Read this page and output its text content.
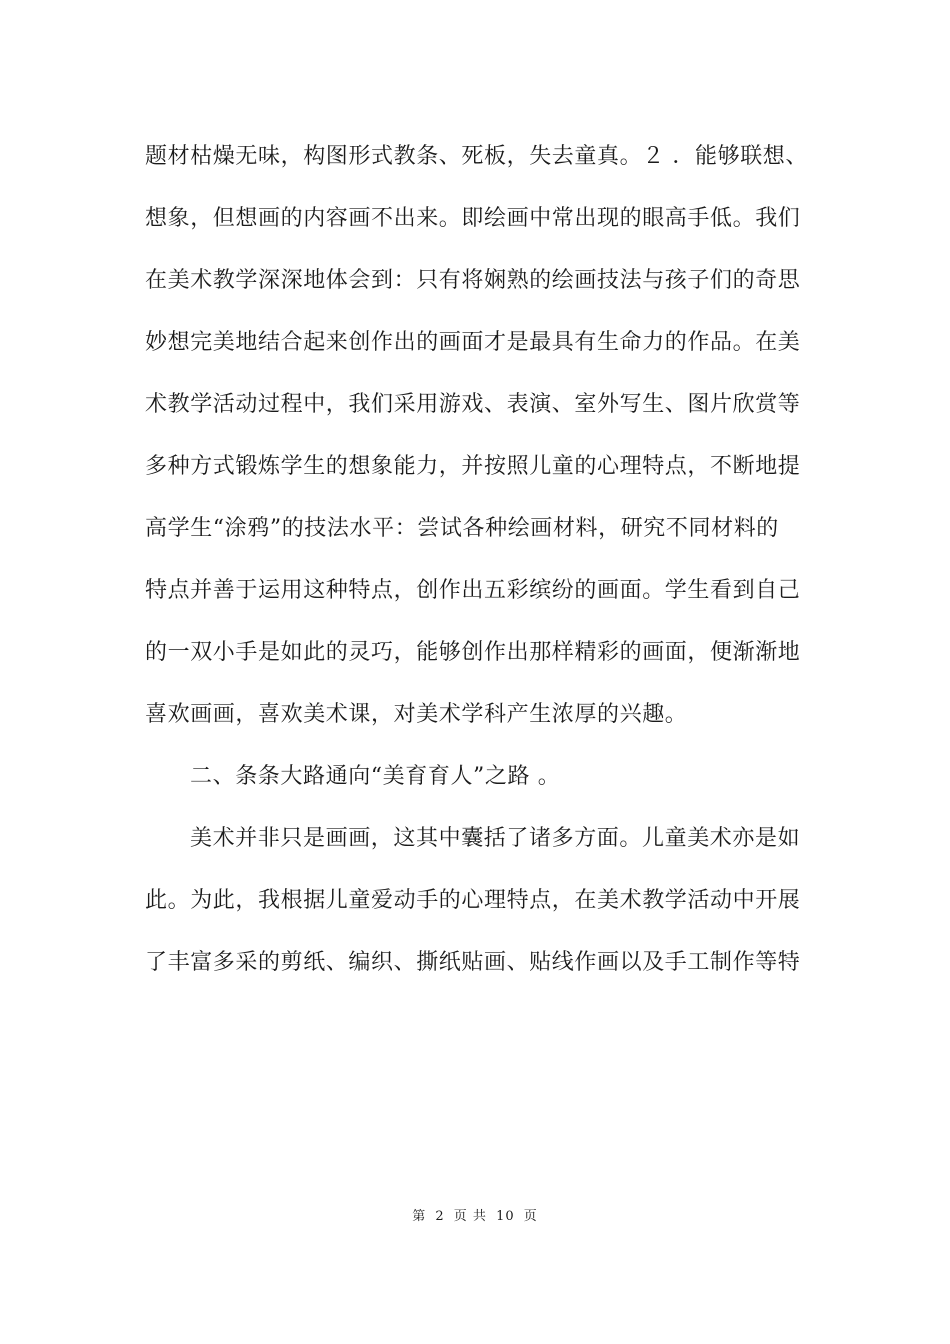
题材枯燥无味，构图形式教条、死板，失去童真。２ ．能够联想、
想象，但想画的内容画不出来。即绘画中常出现的眼高手低。我们
在美术教学深深地体会到：只有将娴熟的绘画技法与孩子们的奇思
妙想完美地结合起来创作出的画面才是最具有生命力的作品。在美
术教学活动过程中，我们采用游戏、表演、室外写生、图片欣赏等
多种方式锻炼学生的想象能力，并按照儿童的心理特点，不断地提
高学生“涂鸦”的技法水平：尝试各种绘画材料，研究不同材料的
特点并善于运用这种特点，创作出五彩缤纷的画面。学生看到自己
的一双小手是如此的灵巧，能够创作出那样精彩的画面，便渐渐地
喜欢画画，喜欢美术课，对美术学科产生浓厚的兴趣。
二、条条大路通向“美育育人”之路 。
美术并非只是画画，这其中囊括了诸多方面。儿童美术亦是如
此。为此，我根据儿童爱动手的心理特点，在美术教学活动中开展
了丰富多采的剪纸、编织、撕纸贴画、贴线作画以及手工制作等特
第 2 页 共 10 页
